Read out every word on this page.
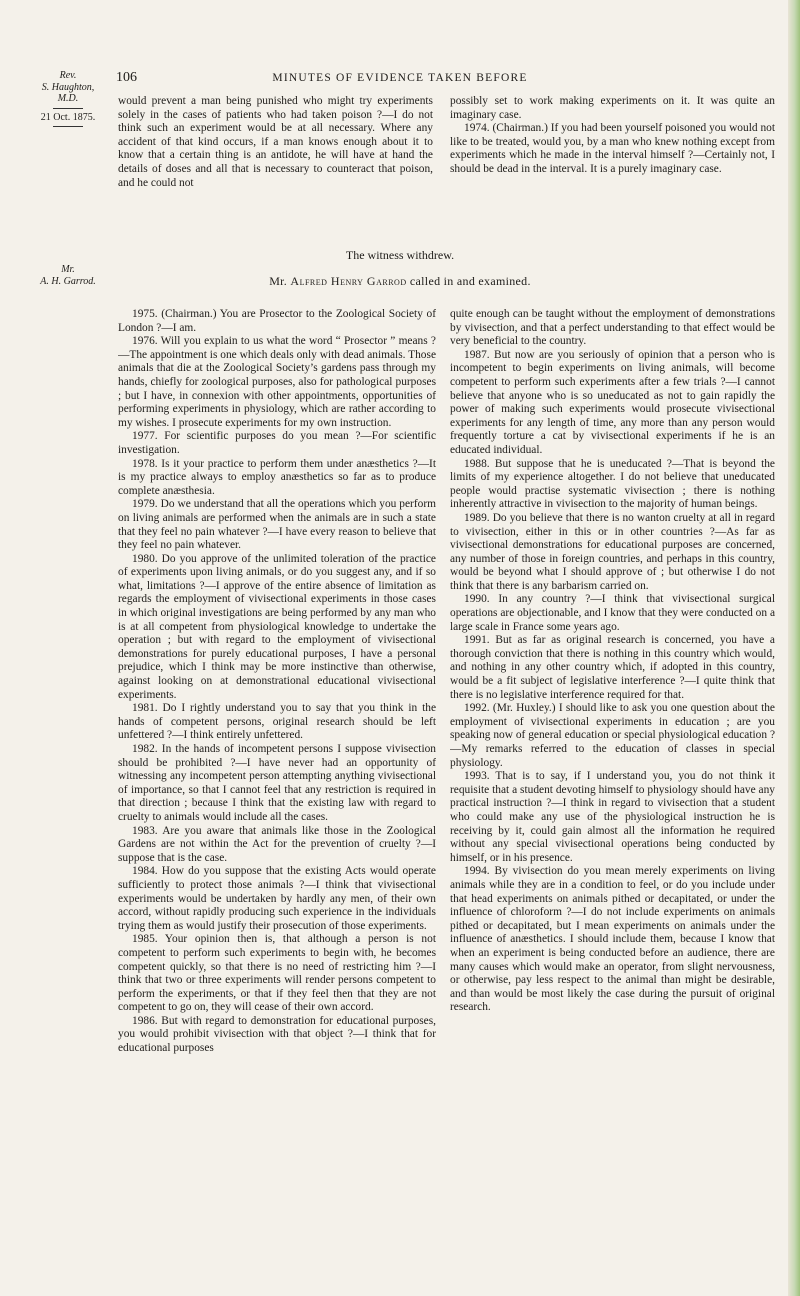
106	MINUTES OF EVIDENCE TAKEN BEFORE
Rev.
S. Haughton,
M.D.
21 Oct. 1875.

would prevent a man being punished who might try experiments solely in the cases of patients who had taken poison ?—I do not think such an experiment would be at all necessary. Where any accident of that kind occurs, if a man knows enough about it to know that a certain thing is an antidote, he will have at hand the details of doses and all that is necessary to counteract that poison, and he could not

possibly set to work making experiments on it. It was quite an imaginary case.

1974. (Chairman.) If you had been yourself poisoned you would not like to be treated, would you, by a man who knew nothing except from experiments which he made in the interval himself ?—Certainly not, I should be dead in the interval. It is a purely imaginary case.

The witness withdrew.
Mr.
A. H. Garrod.	Mr. Alfred Henry Garrod called in and examined.

1975. (Chairman.) You are Prosector to the Zoological Society of London ?—I am.

1976. Will you explain to us what the word “ Prosector ” means ?—The appointment is one which deals only with dead animals. Those animals that die at the Zoological Society’s gardens pass through my hands, chiefly for zoological purposes, also for pathological purposes ; but I have, in connexion with other appointments, opportunities of performing experiments in physiology, which are rather according to my wishes. I prosecute experiments for my own instruction.

1977. For scientific purposes do you mean ?—For scientific investigation.

1978. Is it your practice to perform them under anæsthetics ?—It is my practice always to employ anæsthetics so far as to produce complete anæsthesia.

1979. Do we understand that all the operations which you perform on living animals are performed when the animals are in such a state that they feel no pain whatever ?—I have every reason to believe that they feel no pain whatever.

1980. Do you approve of the unlimited toleration of the practice of experiments upon living animals, or do you suggest any, and if so what, limitations ?—I approve of the entire absence of limitation as regards the employment of vivisectional experiments in those cases in which original investigations are being performed by any man who is at all competent from physiological knowledge to undertake the operation ; but with regard to the employment of vivisectional demonstrations for purely educational purposes, I have a personal prejudice, which I think may be more instinctive than otherwise, against looking on at demonstrational educational vivisectional experiments.

1981. Do I rightly understand you to say that you think in the hands of competent persons, original research should be left unfettered ?—I think entirely unfettered.

1982. In the hands of incompetent persons I suppose vivisection should be prohibited ?—I have never had an opportunity of witnessing any incompetent person attempting anything vivisectional of importance, so that I cannot feel that any restriction is required in that direction ; because I think that the existing law with regard to cruelty to animals would include all the cases.

1983. Are you aware that animals like those in the Zoological Gardens are not within the Act for the prevention of cruelty ?—I suppose that is the case.

1984. How do you suppose that the existing Acts would operate sufficiently to protect those animals ?—I think that vivisectional experiments would be undertaken by hardly any men, of their own accord, without rapidly producing such experience in the individuals trying them as would justify their prosecution of those experiments.

1985. Your opinion then is, that although a person is not competent to perform such experiments to begin with, he becomes competent quickly, so that there is no need of restricting him ?—I think that two or three experiments will render persons competent to perform the experiments, or that if they feel then that they are not competent to go on, they will cease of their own accord.

1986. But with regard to demonstration for educational purposes, you would prohibit vivisection with that object ?—I think that for educational purposes

quite enough can be taught without the employment of demonstrations by vivisection, and that a perfect understanding to that effect would be very beneficial to the country.

1987. But now are you seriously of opinion that a person who is incompetent to begin experiments on living animals, will become competent to perform such experiments after a few trials ?—I cannot believe that anyone who is so uneducated as not to gain rapidly the power of making such experiments would prosecute vivisectional experiments for any length of time, any more than any person would frequently torture a cat by vivisectional experiments if he is an educated individual.

1988. But suppose that he is uneducated ?—That is beyond the limits of my experience altogether. I do not believe that uneducated people would practise systematic vivisection ; there is nothing inherently attractive in vivisection to the majority of human beings.

1989. Do you believe that there is no wanton cruelty at all in regard to vivisection, either in this or in other countries ?—As far as vivisectional demonstrations for educational purposes are concerned, any number of those in foreign countries, and perhaps in this country, would be beyond what I should approve of ; but otherwise I do not think that there is any barbarism carried on.

1990. In any country ?—I think that vivisectional surgical operations are objectionable, and I know that they were conducted on a large scale in France some years ago.

1991. But as far as original research is concerned, you have a thorough conviction that there is nothing in this country which would, and nothing in any other country which, if adopted in this country, would be a fit subject of legislative interference ?—I quite think that there is no legislative interference required for that.

1992. (Mr. Huxley.) I should like to ask you one question about the employment of vivisectional experiments in education ; are you speaking now of general education or special physiological education ?—My remarks referred to the education of classes in special physiology.

1993. That is to say, if I understand you, you do not think it requisite that a student devoting himself to physiology should have any practical instruction ?—I think in regard to vivisection that a student who could make any use of the physiological instruction he is receiving by it, could gain almost all the information he required without any special vivisectional operations being conducted by himself, or in his presence.

1994. By vivisection do you mean merely experiments on living animals while they are in a condition to feel, or do you include under that head experiments on animals pithed or decapitated, or under the influence of chloroform ?—I do not include experiments on animals pithed or decapitated, but I mean experiments on animals under the influence of anæsthetics. I should include them, because I know that when an experiment is being conducted before an audience, there are many causes which would make an operator, from slight nervousness, or otherwise, pay less respect to the animal than might be desirable, and than would be most likely the case during the pursuit of original research.
